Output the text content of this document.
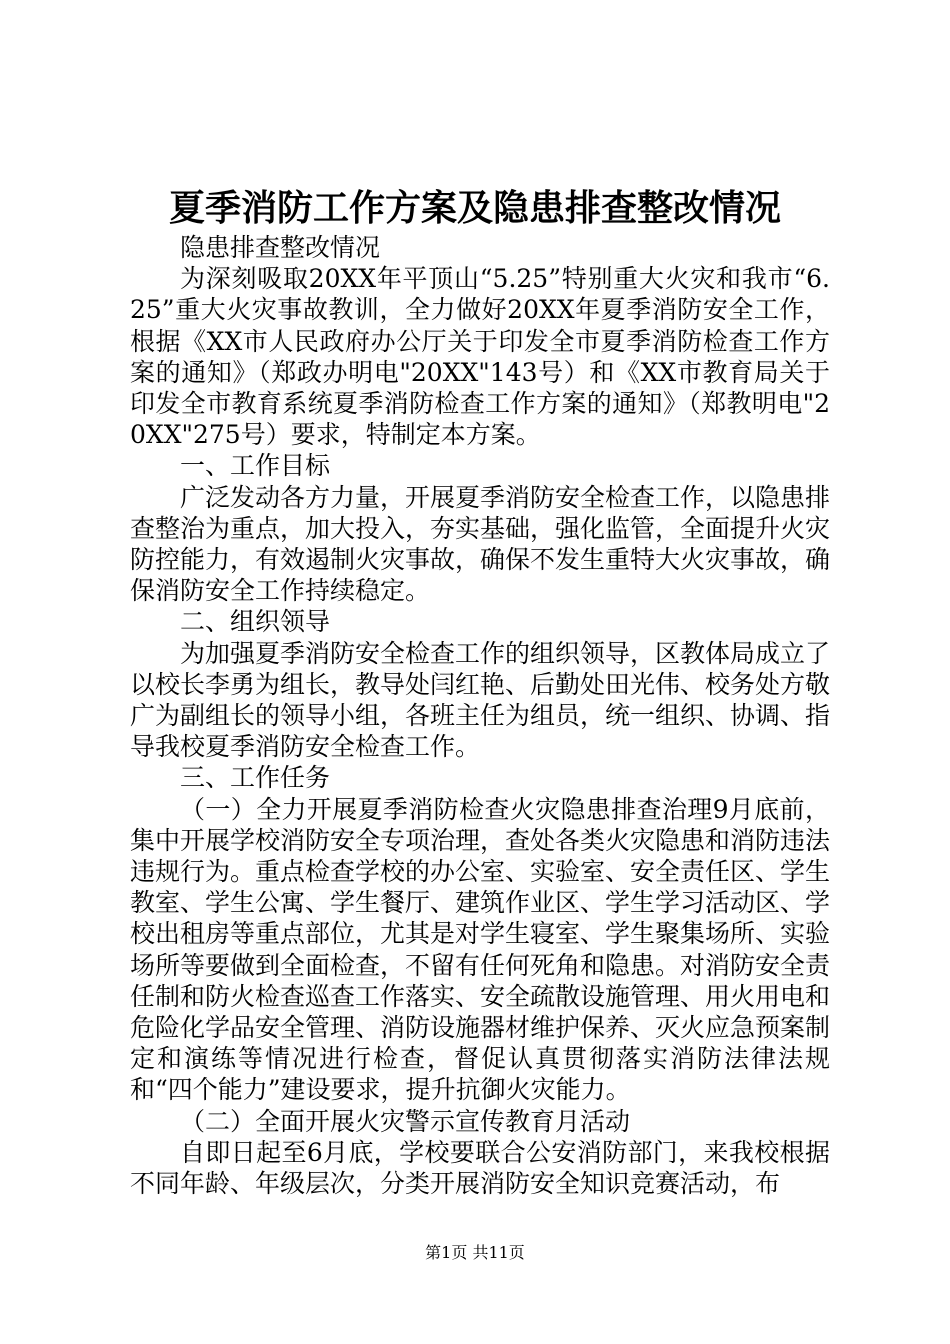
夏季消防工作方案及隐患排查整改情况

隐患排查整改情况

为深刻吸取20XX年平顶山“5.25”特别重大火灾和我市“6.25”重大火灾事故教训，全力做好20XX年夏季消防安全工作，根据《XX市人民政府办公厅关于印发全市夏季消防检查工作方案的通知》（郑政办明电"20XX"143号）和《XX市教育局关于印发全市教育系统夏季消防检查工作方案的通知》（郑教明电"20XX"275号）要求，特制定本方案。

一、工作目标

广泛发动各方力量，开展夏季消防安全检查工作，以隐患排查整治为重点，加大投入，夯实基础，强化监管，全面提升火灾防控能力，有效遏制火灾事故，确保不发生重特大火灾事故，确保消防安全工作持续稳定。

二、组织领导

为加强夏季消防安全检查工作的组织领导，区教体局成立了以校长李勇为组长，教导处闫红艳、后勤处田光伟、校务处方敬广为副组长的领导小组，各班主任为组员，统一组织、协调、指导我校夏季消防安全检查工作。

三、工作任务

（一）全力开展夏季消防检查火灾隐患排查治理9月底前，集中开展学校消防安全专项治理，查处各类火灾隐患和消防违法违规行为。重点检查学校的办公室、实验室、安全责任区、学生教室、学生公寓、学生餐厅、建筑作业区、学生学习活动区、学校出租房等重点部位，尤其是对学生寝室、学生聚集场所、实验场所等要做到全面检查，不留有任何死角和隐患。对消防安全责任制和防火检查巡查工作落实、安全疏散设施管理、用火用电和危险化学品安全管理、消防设施器材维护保养、灭火应急预案制定和演练等情况进行检查，督促认真贯彻落实消防法律法规和“四个能力”建设要求，提升抗御火灾能力。

（二）全面开展火灾警示宣传教育月活动

自即日起至6月底，学校要联合公安消防部门，来我校根据不同年龄、年级层次，分类开展消防安全知识竞赛活动，布

第1页 共11页
